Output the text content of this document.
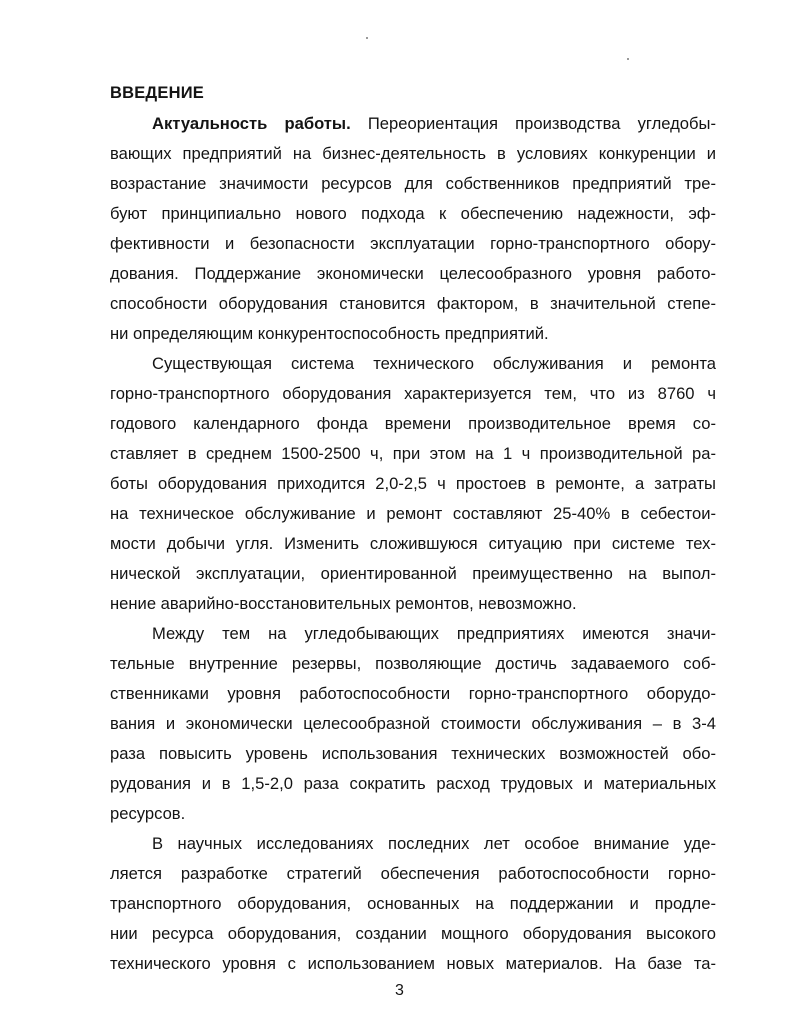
ВВЕДЕНИЕ
Актуальность работы. Переориентация производства угледобы-
вающих предприятий на бизнес-деятельность в условиях конкуренции и
возрастание значимости ресурсов для собственников предприятий тре-
буют принципиально нового подхода к обеспечению надежности, эф-
фективности и безопасности эксплуатации горно-транспортного обору-
дования. Поддержание экономически целесообразного уровня работо-
способности оборудования становится фактором, в значительной степе-
ни определяющим конкурентоспособность предприятий.
Существующая система технического обслуживания и ремонта
горно-транспортного оборудования характеризуется тем, что из 8760 ч
годового календарного фонда времени производительное время со-
ставляет в среднем 1500-2500 ч, при этом на 1 ч производительной ра-
боты оборудования приходится 2,0-2,5 ч простоев в ремонте, а затраты
на техническое обслуживание и ремонт составляют 25-40% в себестои-
мости добычи угля. Изменить сложившуюся ситуацию при системе тех-
нической эксплуатации, ориентированной преимущественно на выпол-
нение аварийно-восстановительных ремонтов, невозможно.
Между тем на угледобывающих предприятиях имеются значи-
тельные внутренние резервы, позволяющие достичь задаваемого соб-
ственниками уровня работоспособности горно-транспортного оборудо-
вания и экономически целесообразной стоимости обслуживания – в 3-4
раза повысить уровень использования технических возможностей обо-
рудования и в 1,5-2,0 раза сократить расход трудовых и материальных
ресурсов.
В научных исследованиях последних лет особое внимание уде-
ляется разработке стратегий обеспечения работоспособности горно-
транспортного оборудования, основанных на поддержании и продле-
нии ресурса оборудования, создании мощного оборудования высокого
технического уровня с использованием новых материалов. На базе та-
3
